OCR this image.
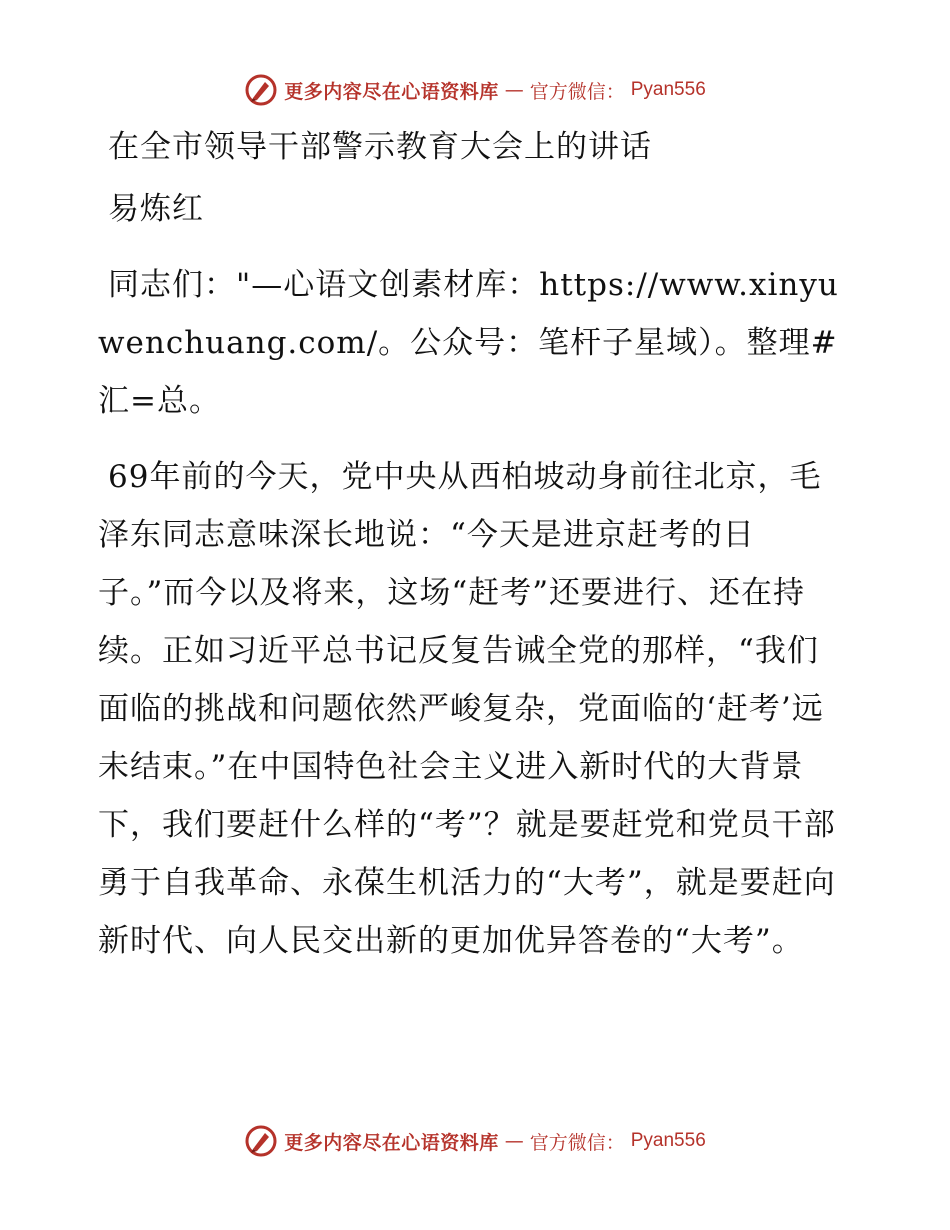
更多内容尽在心语资料库 — 官方微信： Pyan556

在全市领导干部警示教育大会上的讲话

易炼红

同志们："—心语文创素材库：https://www.xinyuwenchuang.com/。公众号：笔杆子星域）。整理#汇=总。

69年前的今天，党中央从西柏坡动身前往北京，毛泽东同志意味深长地说：“今天是进京赶考的日子。”而今以及将来，这场“赶考”还要进行、还在持续。正如习近平总书记反复告诫全党的那样，“我们面临的挑战和问题依然严峻复杂，党面临的‘赶考’远未结束。”在中国特色社会主义进入新时代的大背景下，我们要赶什么样的“考”？就是要赶党和党员干部勇于自我革命、永葆生机活力的“大考”，就是要赶向新时代、向人民交出新的更加优异答卷的“大考”。

更多内容尽在心语资料库 — 官方微信： Pyan556
